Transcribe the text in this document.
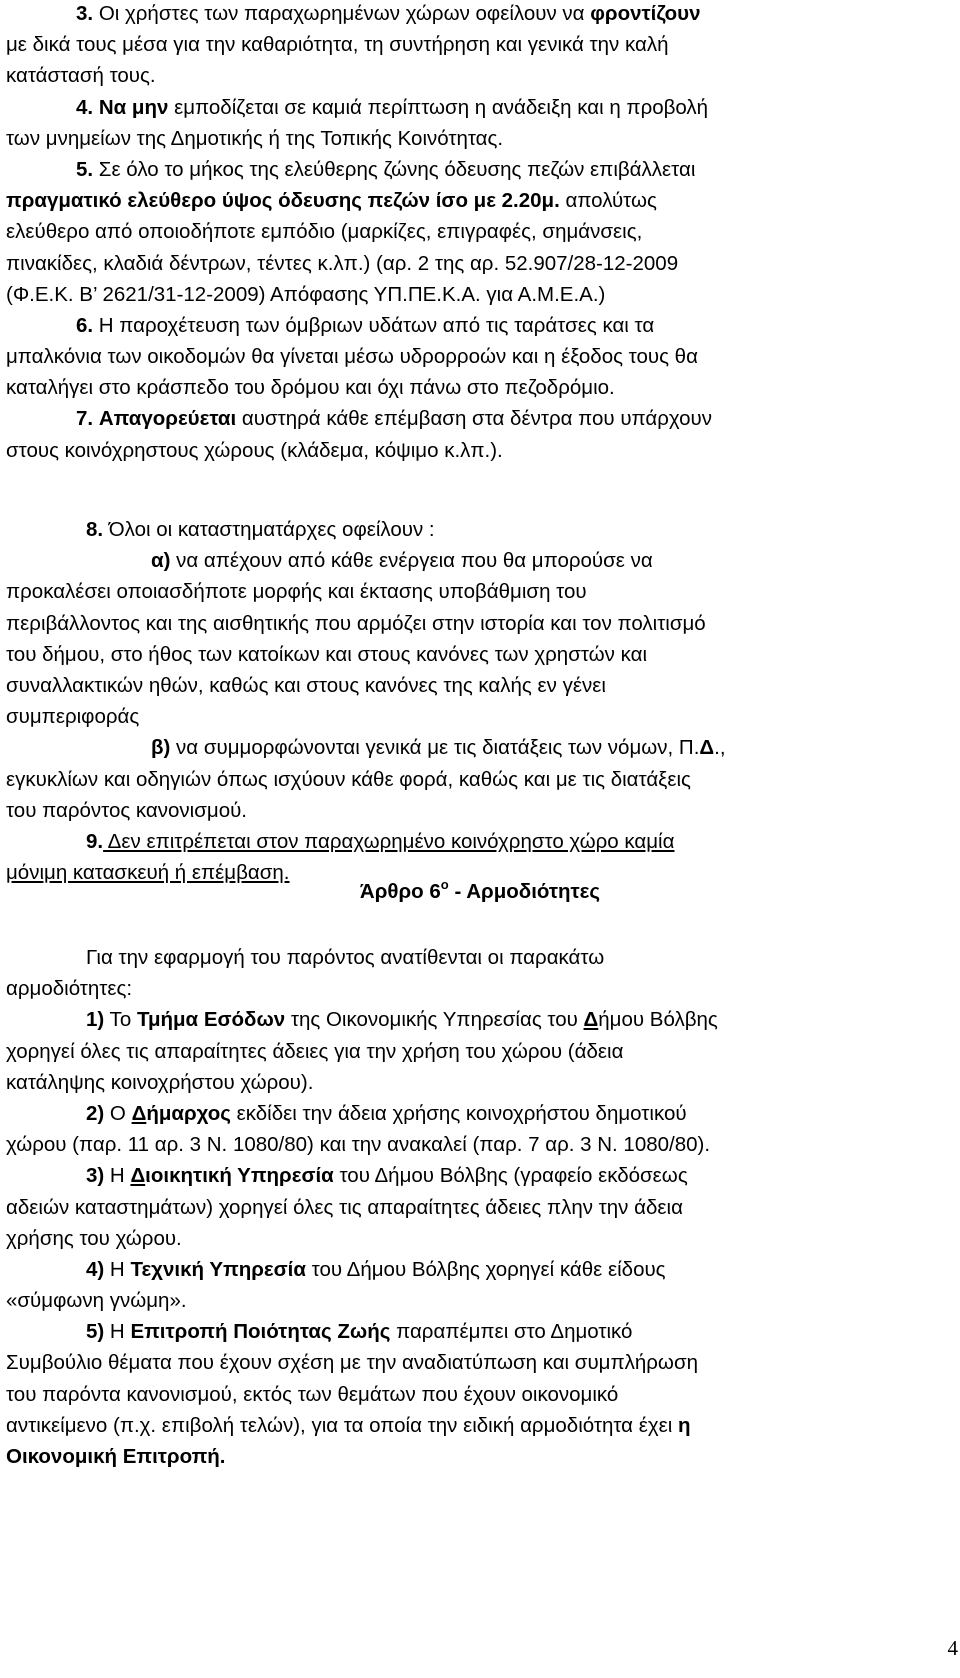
3. Οι χρήστες των παραχωρημένων χώρων οφείλουν να φροντίζουν
με δικά τους μέσα για την καθαριότητα, τη συντήρηση και γενικά την καλή
κατάστασή τους.
4. Να μην εμποδίζεται σε καμιά περίπτωση η ανάδειξη και η προβολή
των μνημείων της Δημοτικής ή της Τοπικής Κοινότητας.
5. Σε όλο το μήκος της ελεύθερης ζώνης όδευσης πεζών επιβάλλεται
πραγματικό ελεύθερο ύψος όδευσης πεζών ίσο με 2.20μ. απολύτως
ελεύθερο από οποιοδήποτε εμπόδιο (μαρκίζες, επιγραφές, σημάνσεις,
πινακίδες, κλαδιά δέντρων, τέντες κ.λπ.) (αρ. 2 της αρ. 52.907/28-12-2009
(Φ.Ε.Κ. Β’ 2621/31-12-2009) Απόφασης ΥΠ.ΠΕ.Κ.Α. για Α.Μ.Ε.Α.)
6. Η παροχέτευση των όμβριων υδάτων από τις ταράτσες και τα
μπαλκόνια των οικοδομών θα γίνεται μέσω υδρορροών και η έξοδος τους θα
καταλήγει στο κράσπεδο του δρόμου και όχι πάνω στο πεζοδρόμιο.
7. Απαγορεύεται αυστηρά κάθε επέμβαση στα δέντρα που υπάρχουν
στους κοινόχρηστους χώρους (κλάδεμα, κόψιμο κ.λπ.).
8. Όλοι οι καταστηματάρχες οφείλουν :
α) να απέχουν από κάθε ενέργεια που θα μπορούσε να
προκαλέσει οποιασδήποτε μορφής και έκτασης υποβάθμιση του
περιβάλλοντος και της αισθητικής που αρμόζει στην ιστορία και τον πολιτισμό
του δήμου, στο ήθος των κατοίκων και στους κανόνες των χρηστών και
συναλλακτικών ηθών, καθώς και στους κανόνες της καλής εν γένει
συμπεριφοράς
β) να συμμορφώνονται γενικά με τις διατάξεις των νόμων, Π.Δ.,
εγκυκλίων και οδηγιών όπως ισχύουν κάθε φορά, καθώς και με τις διατάξεις
του παρόντος κανονισμού.
9. Δεν επιτρέπεται στον παραχωρημένο κοινόχρηστο χώρο καμία
μόνιμη κατασκευή ή επέμβαση.
Άρθρο $6^o$ - Αρμοδιότητες
Για την εφαρμογή του παρόντος ανατίθενται οι παρακάτω
αρμοδιότητες:
1) Το Τμήμα Εσόδων της Οικονομικής Υπηρεσίας του Δήμου Βόλβης
χορηγεί όλες τις απαραίτητες άδειες για την χρήση του χώρου (άδεια
κατάληψης κοινοχρήστου χώρου).
2) Ο Δήμαρχος εκδίδει την άδεια χρήσης κοινοχρήστου δημοτικού
χώρου (παρ. 11 αρ. 3 Ν. 1080/80) και την ανακαλεί (παρ. 7 αρ. 3 Ν. 1080/80).
3) Η Διοικητική Υπηρεσία του Δήμου Βόλβης (γραφείο εκδόσεως
αδειών καταστημάτων) χορηγεί όλες τις απαραίτητες άδειες πλην την άδεια
χρήσης του χώρου.
4) Η Τεχνική Υπηρεσία του Δήμου Βόλβης χορηγεί κάθε είδους
«σύμφωνη γνώμη».
5) Η Επιτροπή Ποιότητας Ζωής παραπέμπει στο Δημοτικό
Συμβούλιο θέματα που έχουν σχέση με την αναδιατύπωση και συμπλήρωση
του παρόντα κανονισμού, εκτός των θεμάτων που έχουν οικονομικό
αντικείμενο (π.χ. επιβολή τελών), για τα οποία την ειδική αρμοδιότητα έχει η
Οικονομική Επιτροπή.
4
